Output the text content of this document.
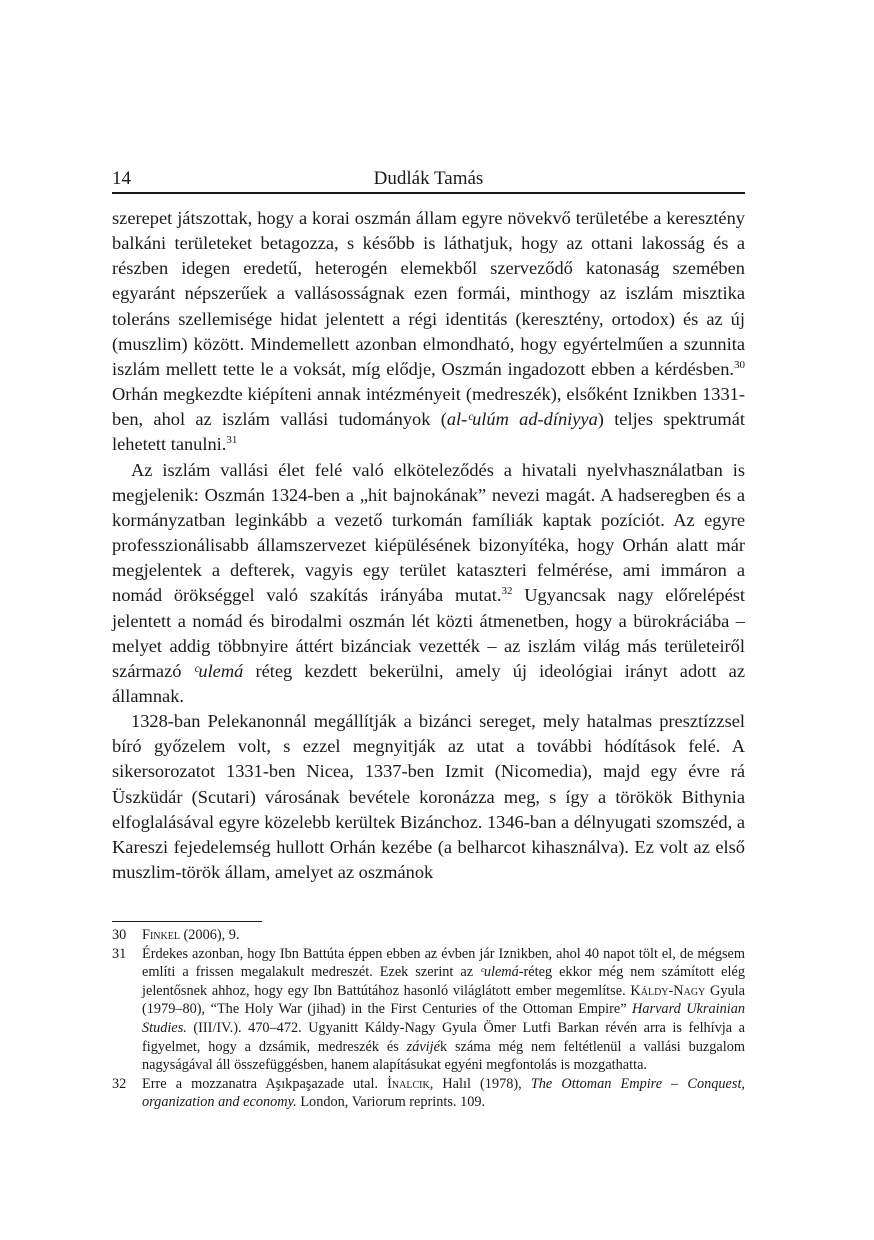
14	Dudlák Tamás

szerepet játszottak, hogy a korai oszmán állam egyre növekvő területébe a keresztény balkáni területeket betagozza, s később is láthatjuk, hogy az ottani lakosság és a részben idegen eredetű, heterogén elemekből szerveződő katonaság szemében egyaránt népszerűek a vallásosságnak ezen formái, minthogy az iszlám misztika toleráns szellemisége hidat jelentett a régi identitás (keresztény, ortodox) és az új (muszlim) között. Mindemellett azonban elmondható, hogy egyértelműen a szunnita iszlám mellett tette le a voksát, míg elődje, Oszmán ingadozott ebben a kérdésben.$^{30}$ Orhán megkezdte kiépíteni annak intézményeit (medreszék), elsőként Iznikben 1331-ben, ahol az iszlám vallási tudományok (al-ᶜulúm ad-díniyya) teljes spektrumát lehetett tanulni.$^{31}$

Az iszlám vallási élet felé való elköteleződés a hivatali nyelvhasználatban is megjelenik: Oszmán 1324-ben a „hit bajnokának” nevezi magát. A hadseregben és a kormányzatban leginkább a vezető turkomán famíliák kaptak pozíciót. Az egyre professzionálisabb államszervezet kiépülésének bizonyítéka, hogy Orhán alatt már megjelentek a defterek, vagyis egy terület kataszteri felmérése, ami immáron a nomád örökséggel való szakítás irányába mutat.$^{32}$ Ugyancsak nagy előrelépést jelentett a nomád és birodalmi oszmán lét közti átmenetben, hogy a bürokráciába – melyet addig többnyire áttért bizánciak vezették – az iszlám világ más területeiről származó ᶜulemá réteg kezdett bekerülni, amely új ideológiai irányt adott az államnak.

1328-ban Pelekanonnál megállítják a bizánci sereget, mely hatalmas presztízzsel bíró győzelem volt, s ezzel megnyitják az utat a további hódítások felé. A sikersorozatot 1331-ben Nicea, 1337-ben Izmit (Nicomedia), majd egy évre rá Üszküdár (Scutari) városának bevétele koronázza meg, s így a törökök Bithynia elfoglalásával egyre közelebb kerültek Bizánchoz. 1346-ban a délnyugati szomszéd, a Kareszi fejedelemség hullott Orhán kezébe (a belharcot kihasználva). Ez volt az első muszlim-török állam, amelyet az oszmánok

30 Finkel (2006), 9.
31 Érdekes azonban, hogy Ibn Battúta éppen ebben az évben jár Iznikben, ahol 40 napot tölt el, de mégsem említi a frissen megalakult medreszét. Ezek szerint az ᶜulemá-réteg ekkor még nem számított elég jelentősnek ahhoz, hogy egy Ibn Battútához hasonló világlátott ember megemlítse. Káldy-Nagy Gyula (1979–80), “The Holy War (jihad) in the First Centuries of the Ottoman Empire” Harvard Ukrainian Studies. (III/IV.). 470–472. Ugyanitt Káldy-Nagy Gyula Ömer Lutfi Barkan révén arra is felhívja a figyelmet, hogy a dzsámik, medreszék és závijék száma még nem feltétlenül a vallási buzgalom nagyságával áll összefüggésben, hanem alapításukat egyéni megfontolás is mozgathatta.
32 Erre a mozzanatra Aşıkpaşazade utal. İnalcık, Halıl (1978), The Ottoman Empire – Conquest, organization and economy. London, Variorum reprints. 109.
